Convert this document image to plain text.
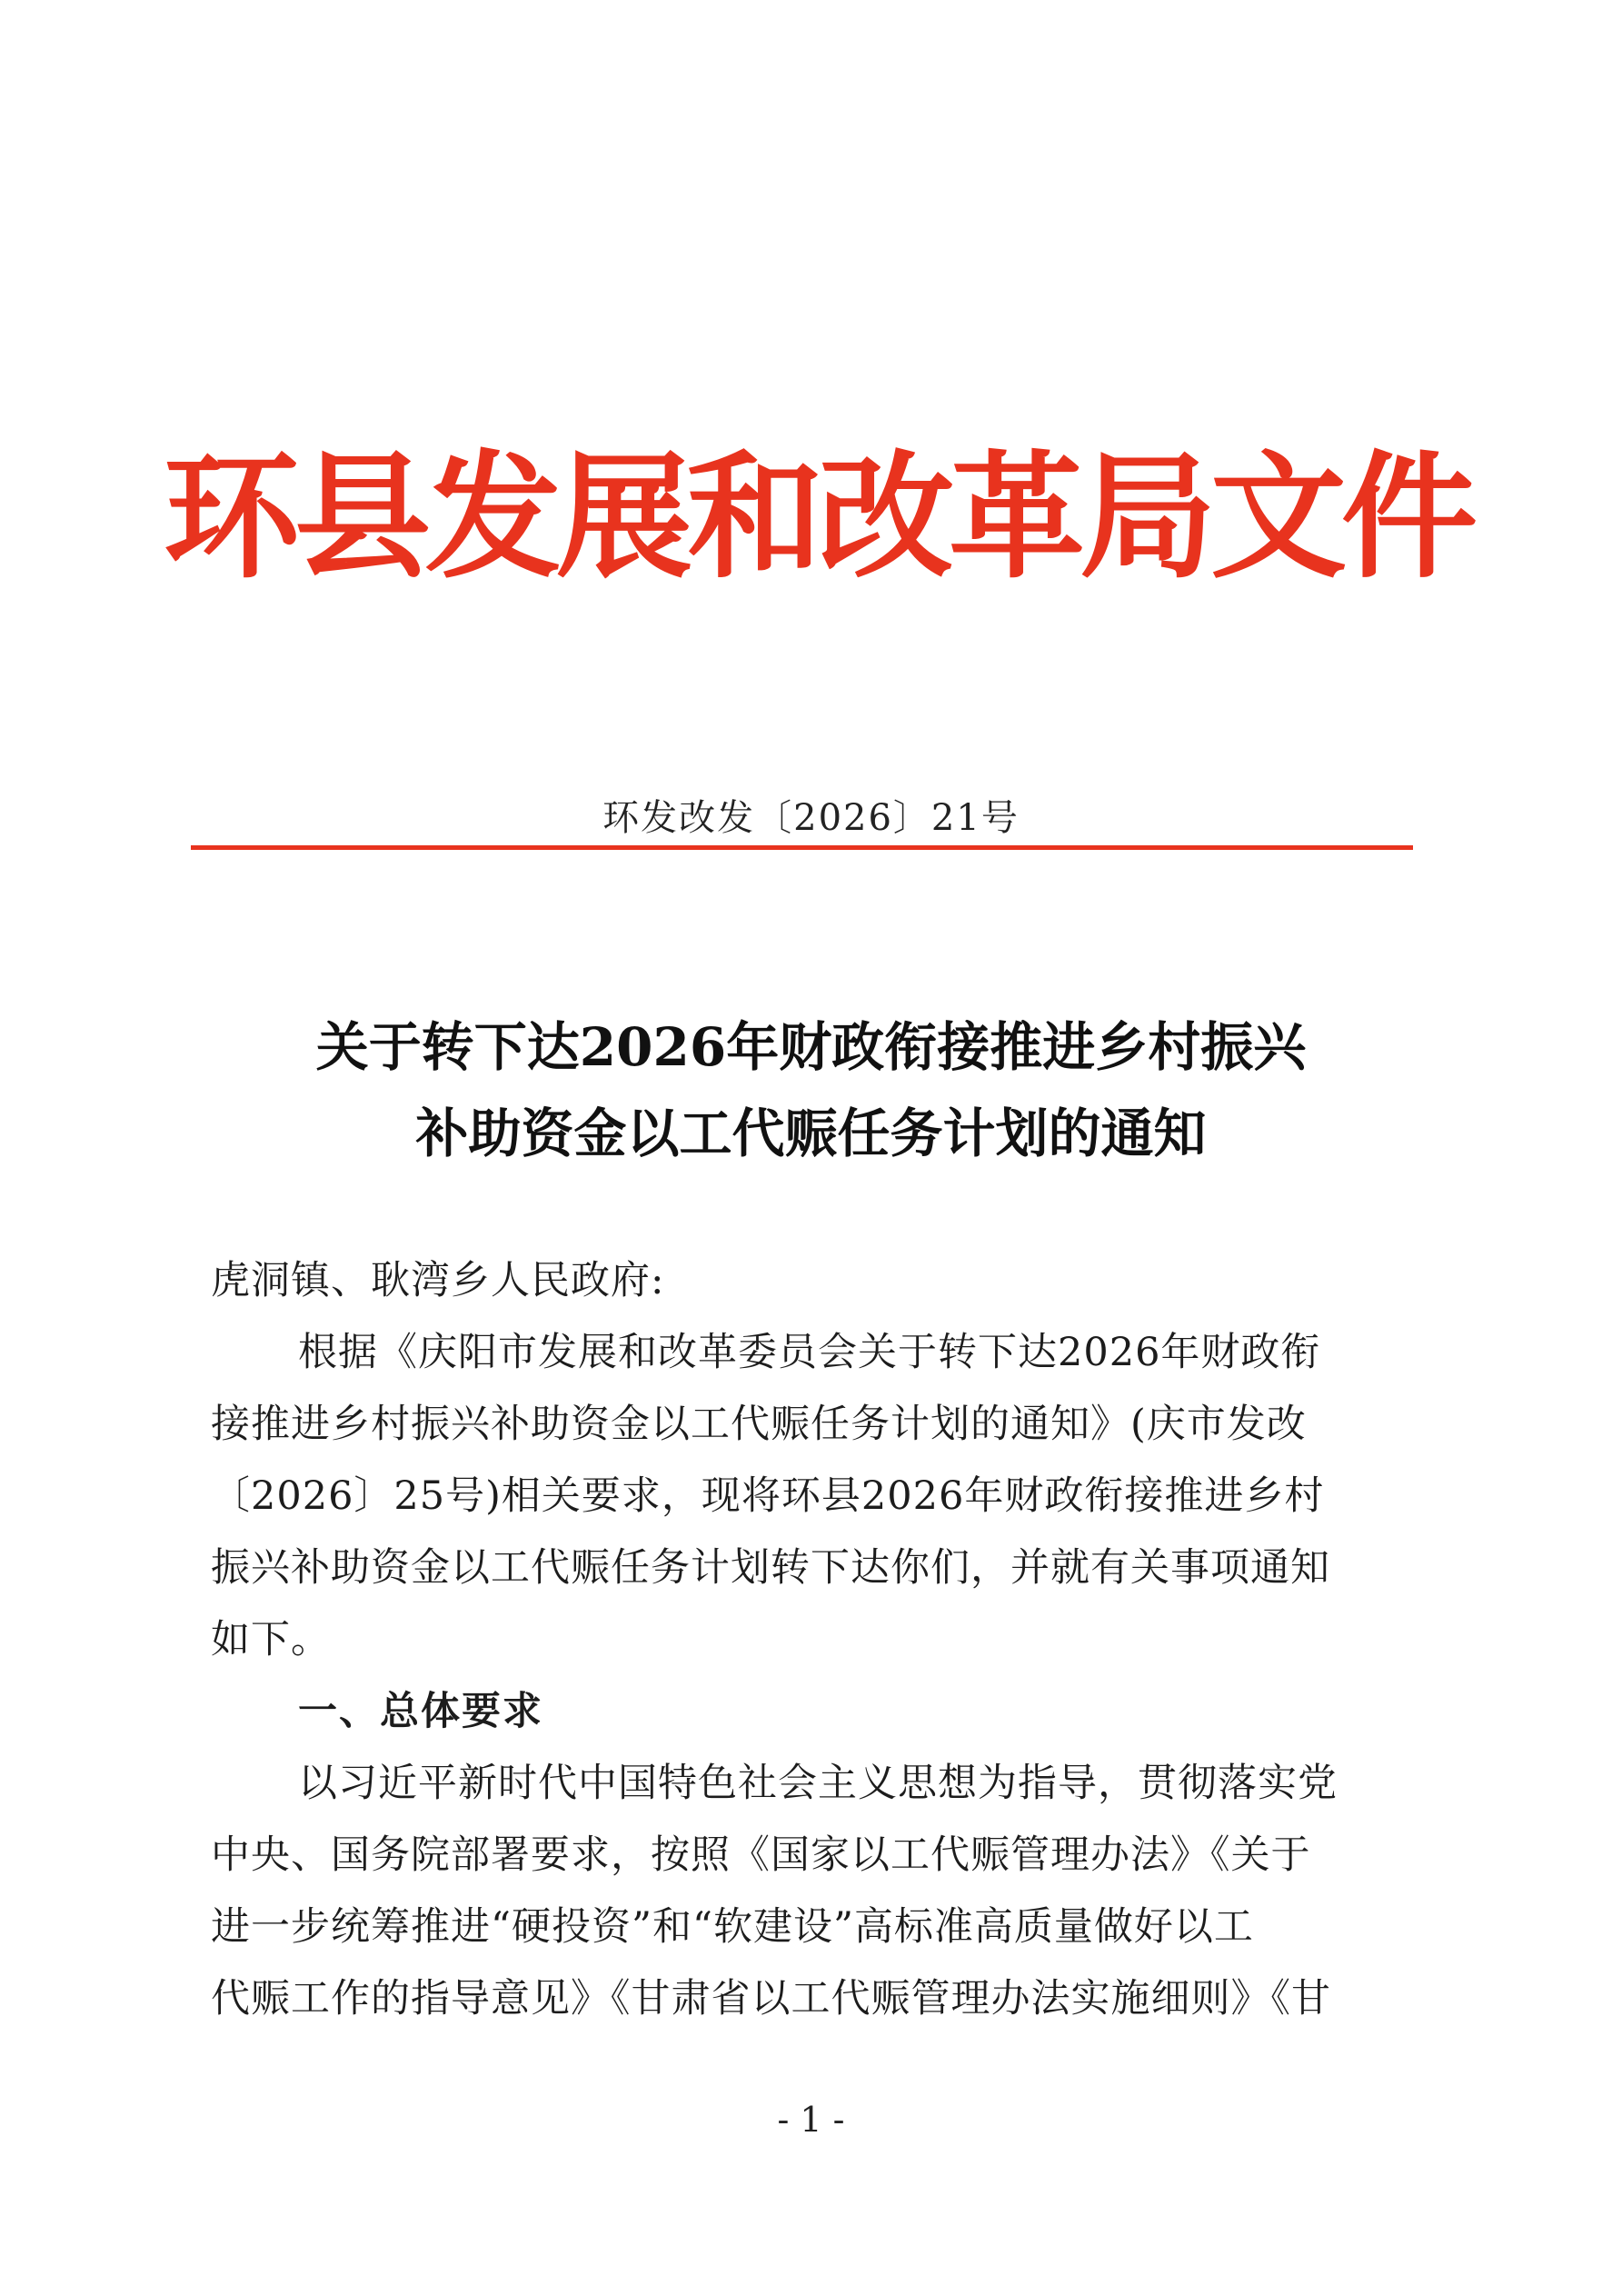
环县发展和改革局文件
环发改发〔2026〕21号
关于转下达2026年财政衔接推进乡村振兴
补助资金以工代赈任务计划的通知
虎洞镇、耿湾乡人民政府:
根据《庆阳市发展和改革委员会关于转下达2026年财政衔
接推进乡村振兴补助资金以工代赈任务计划的通知》(庆市发改
〔2026〕25号)相关要求，现将环县2026年财政衔接推进乡村
振兴补助资金以工代赈任务计划转下达你们，并就有关事项通知
如下。
一、总体要求
以习近平新时代中国特色社会主义思想为指导，贯彻落实党
中央、国务院部署要求，按照《国家以工代赈管理办法》《关于
进一步统筹推进“硬投资”和“软建设”高标准高质量做好以工
代赈工作的指导意见》《甘肃省以工代赈管理办法实施细则》《甘
- 1 -
